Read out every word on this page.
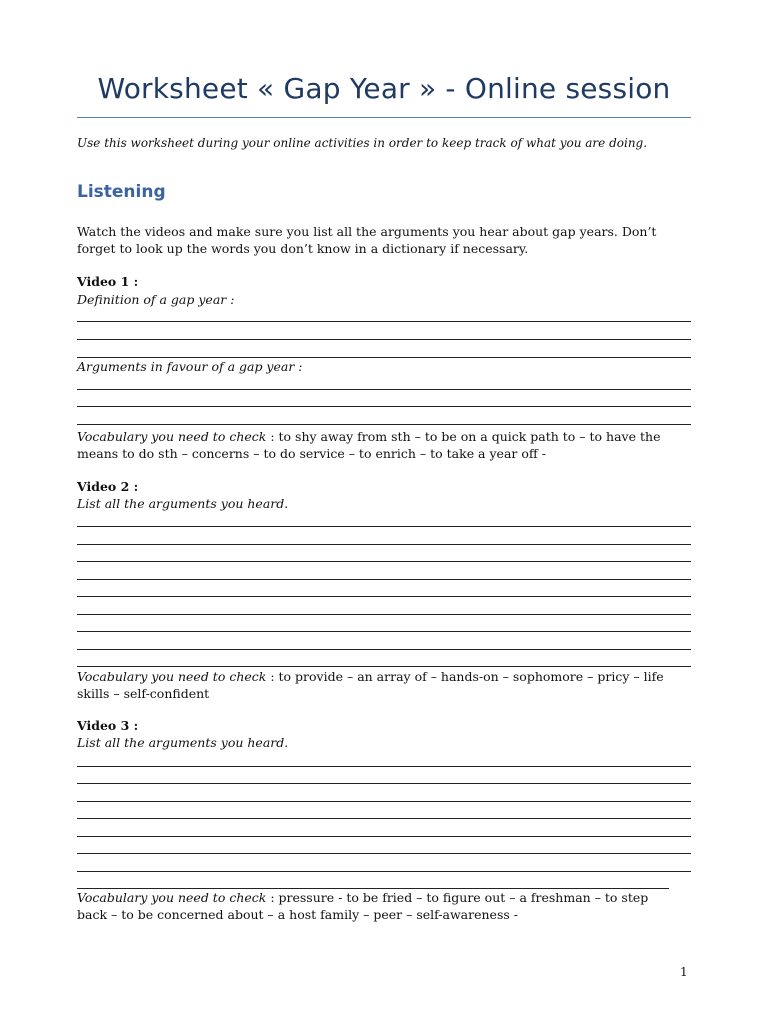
Worksheet « Gap Year » - Online session

Use this worksheet during your online activities in order to keep track of what you are doing.

Listening

Watch the videos and make sure you list all the arguments you hear about gap years. Don’t

forget to look up the words you don’t know in a dictionary if necessary.

Video 1 :

Definition of a gap year :

Arguments in favour of a gap year :

Vocabulary you need to check : to shy away from sth – to be on a quick path to – to have the

means to do sth – concerns – to do service – to enrich – to take a year off -

Video 2 :

List all the arguments you heard.

Vocabulary you need to check : to provide – an array of – hands-on – sophomore – pricy – life

skills – self-confident

Video 3 :

List all the arguments you heard.

Vocabulary you need to check : pressure - to be fried – to figure out – a freshman – to step

back – to be concerned about – a host family – peer – self-awareness -

1
